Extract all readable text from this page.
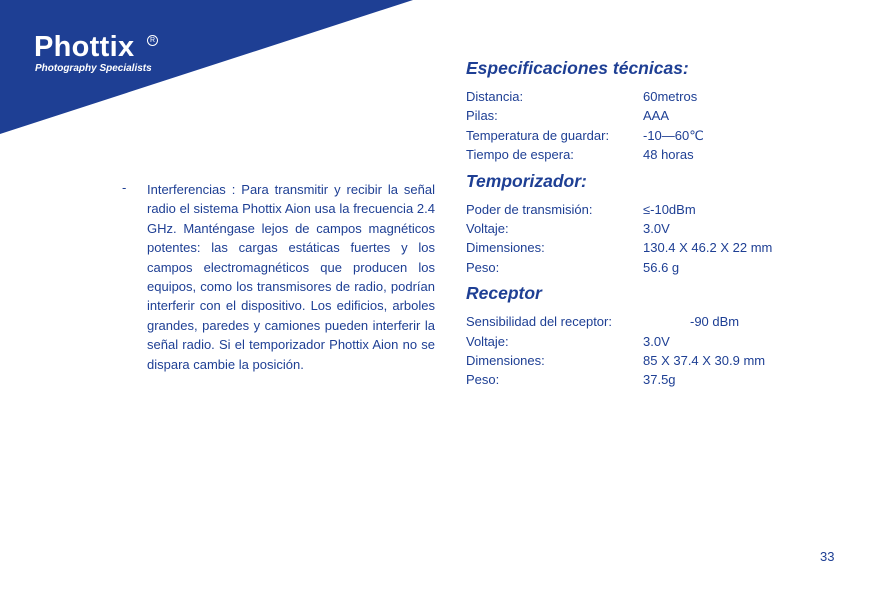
Phottix	R

Photography Specialists

- Interferencias : Para transmitir y recibir la señal radio el sistema Phottix Aion usa la frecuencia 2.4 GHz. Manténgase lejos de campos magnéticos potentes: las cargas estáticas fuertes y los campos electromagnéticos que producen los equipos, como los transmisores de radio, podrían interferir con el dispositivo. Los edificios, arboles grandes, paredes y camiones pueden interferir la señal radio. Si el temporizador Phottix Aion no se dispara cambie la posición.
Especificaciones técnicas:
Distancia:	60metros
Pilas:	AAA
Temperatura de guardar:	-10—60℃
Tiempo de espera:	48 horas
Temporizador:
Poder de transmisión:	≤-10dBm
Voltaje:	3.0V
Dimensiones:	130.4 X 46.2 X 22 mm
Peso:	56.6 g
Receptor
Sensibilidad del receptor:	-90 dBm
Voltaje:	3.0V
Dimensiones:	85 X 37.4 X 30.9 mm
Peso:	37.5g
33
